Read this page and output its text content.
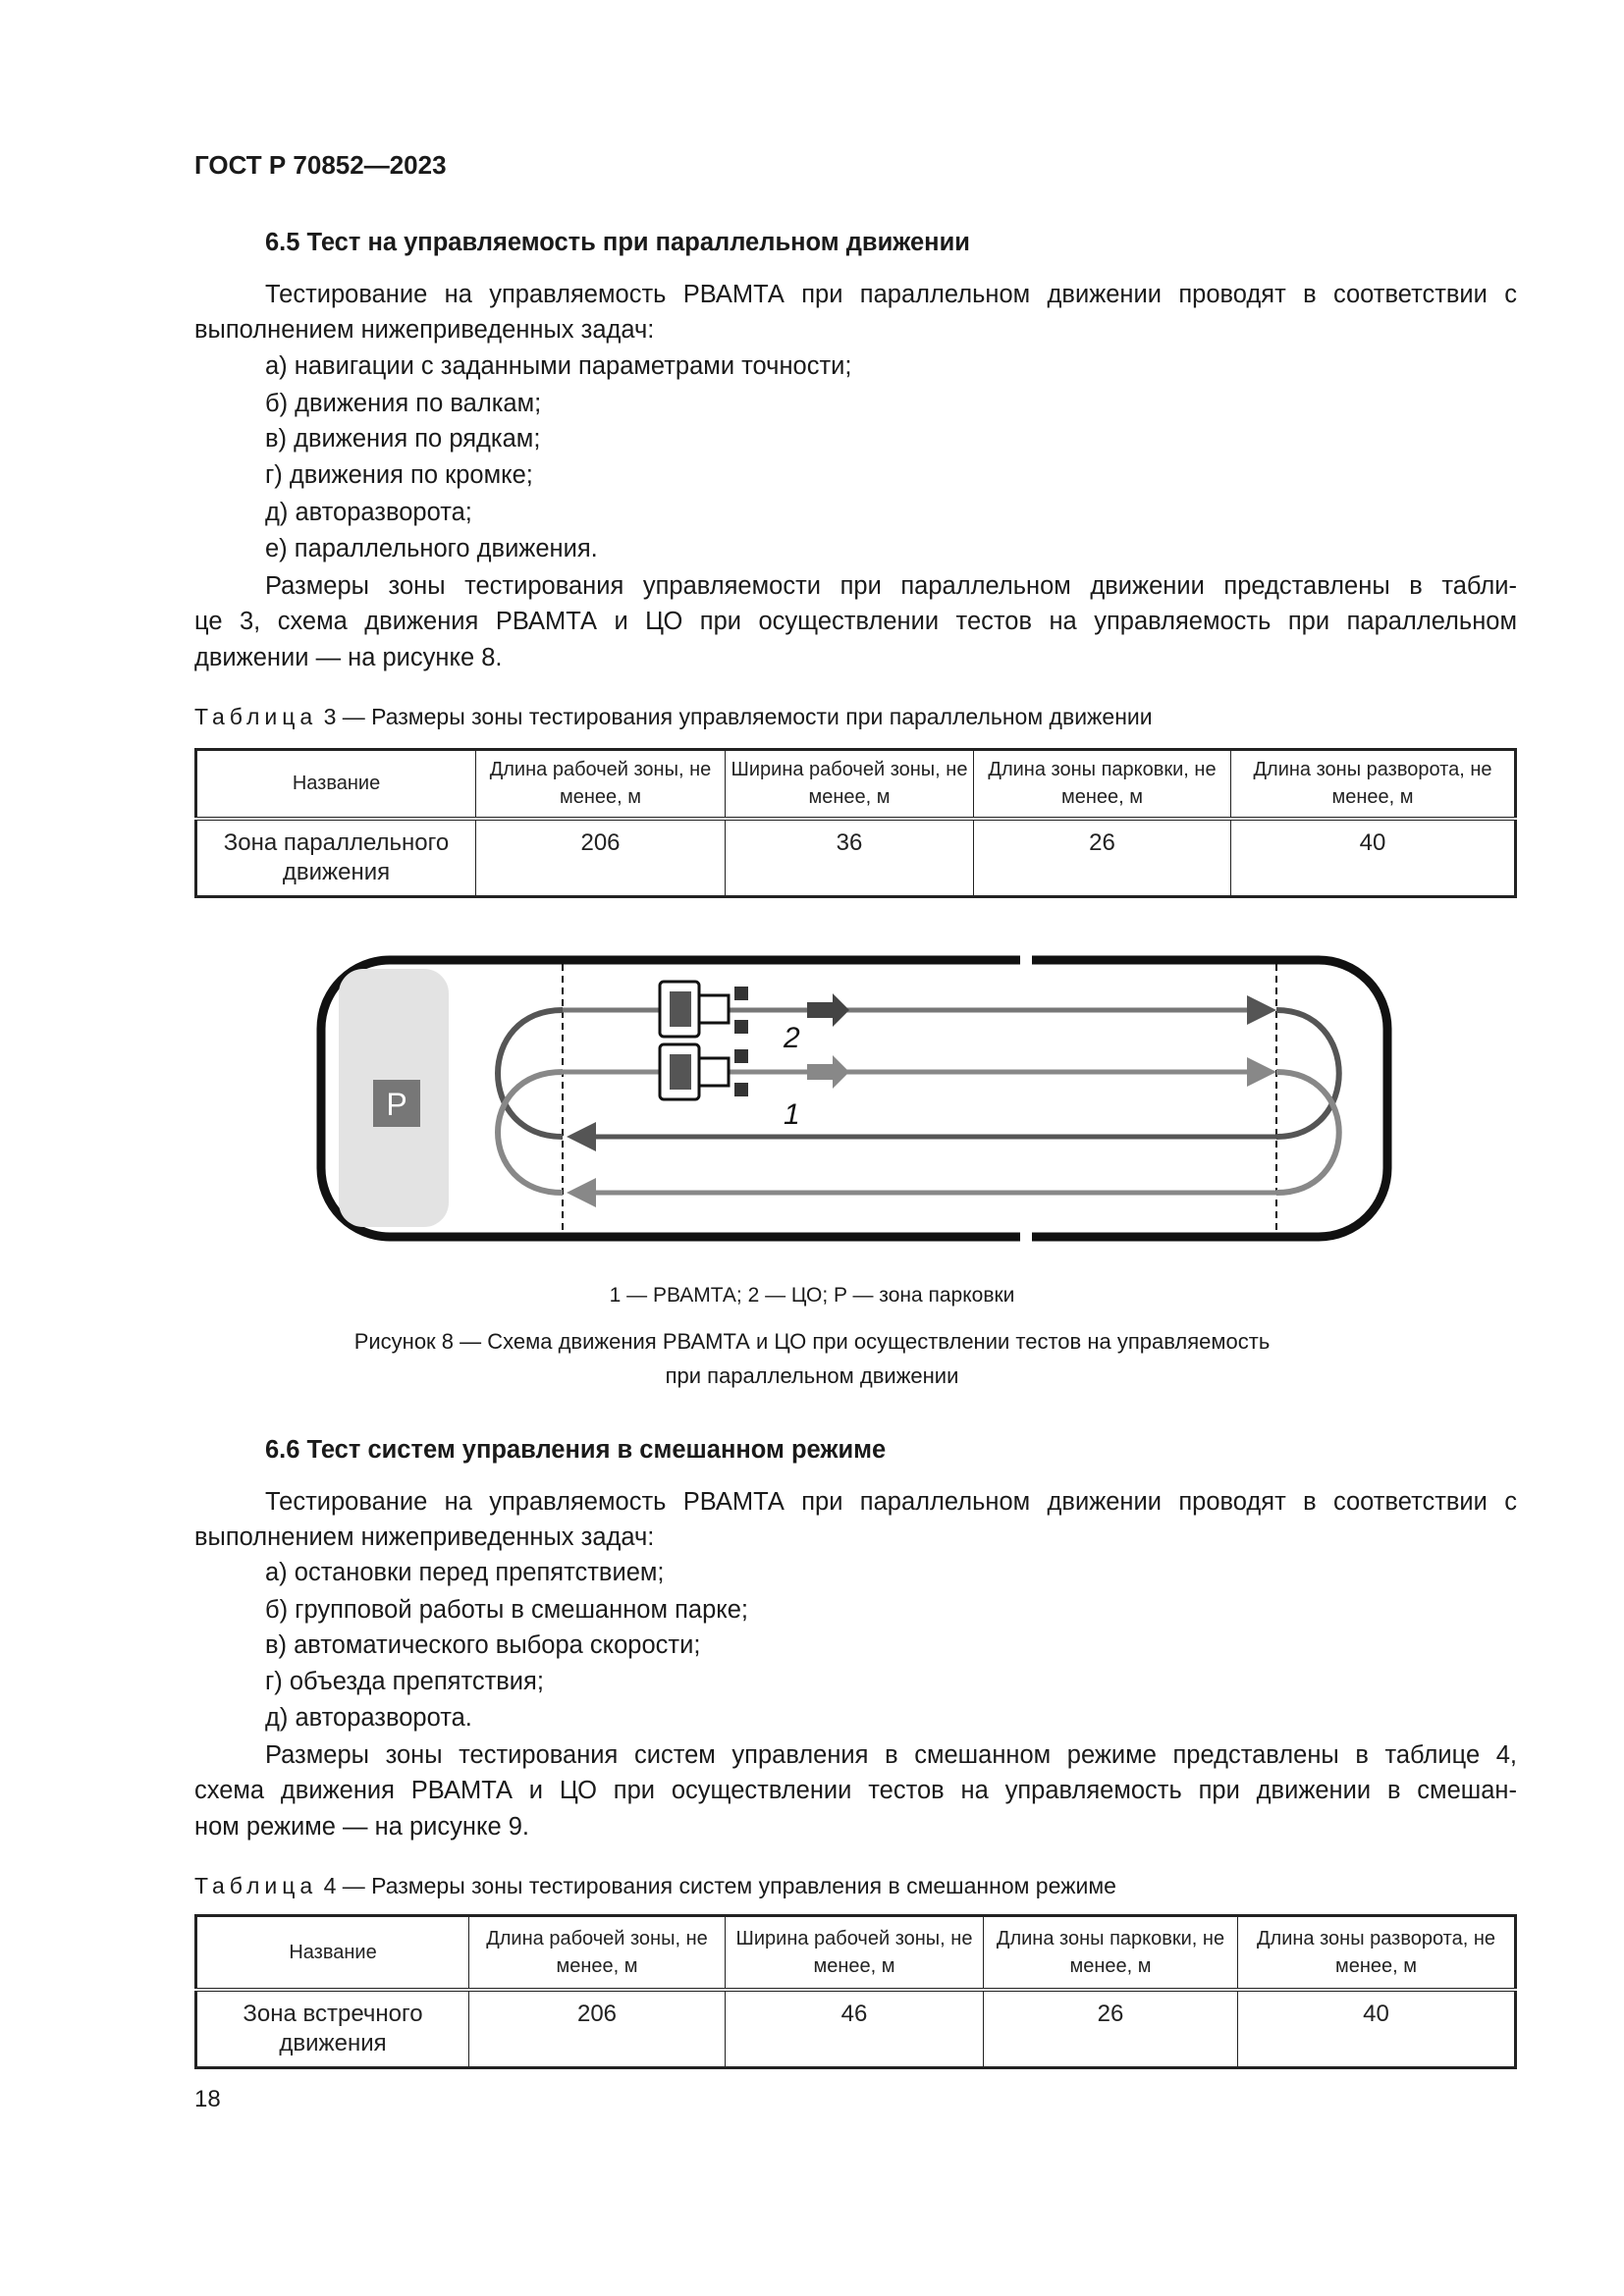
ГОСТ Р 70852—2023
6.5 Тест на управляемость при параллельном движении
Тестирование на управляемость РВАМТА при параллельном движении проводят в соответствии с
выполнением нижеприведенных задач:
а) навигации с заданными параметрами точности;
б) движения по валкам;
в) движения по рядкам;
г) движения по кромке;
д) авторазворота;
е) параллельного движения.
Размеры зоны тестирования управляемости при параллельном движении представлены в табли-
це 3, схема движения РВАМТА и ЦО при осуществлении тестов на управляемость при параллельном
движении — на рисунке 8.
Таблица 3 — Размеры зоны тестирования управляемости при параллельном движении
Название	Длина рабочей зоны, не менее, м	Ширина рабочей зоны, не менее, м	Длина зоны парковки, не менее, м	Длина зоны разворота, не менее, м
Зона параллельного движения	206	36	26	40
P
2
1
1 — РВАМТА; 2 — ЦО; P — зона парковки
Рисунок 8 — Схема движения РВАМТА и ЦО при осуществлении тестов на управляемость
при параллельном движении
6.6 Тест систем управления в смешанном режиме
Тестирование на управляемость РВАМТА при параллельном движении проводят в соответствии с
выполнением нижеприведенных задач:
а) остановки перед препятствием;
б) групповой работы в смешанном парке;
в) автоматического выбора скорости;
г) объезда препятствия;
д) авторазворота.
Размеры зоны тестирования систем управления в смешанном режиме представлены в таблице 4,
схема движения РВАМТА и ЦО при осуществлении тестов на управляемость при движении в смешан-
ном режиме — на рисунке 9.
Таблица 4 — Размеры зоны тестирования систем управления в смешанном режиме
Название	Длина рабочей зоны, не менее, м	Ширина рабочей зоны, не менее, м	Длина зоны парковки, не менее, м	Длина зоны разворота, не менее, м
Зона встречного движения	206	46	26	40
18
